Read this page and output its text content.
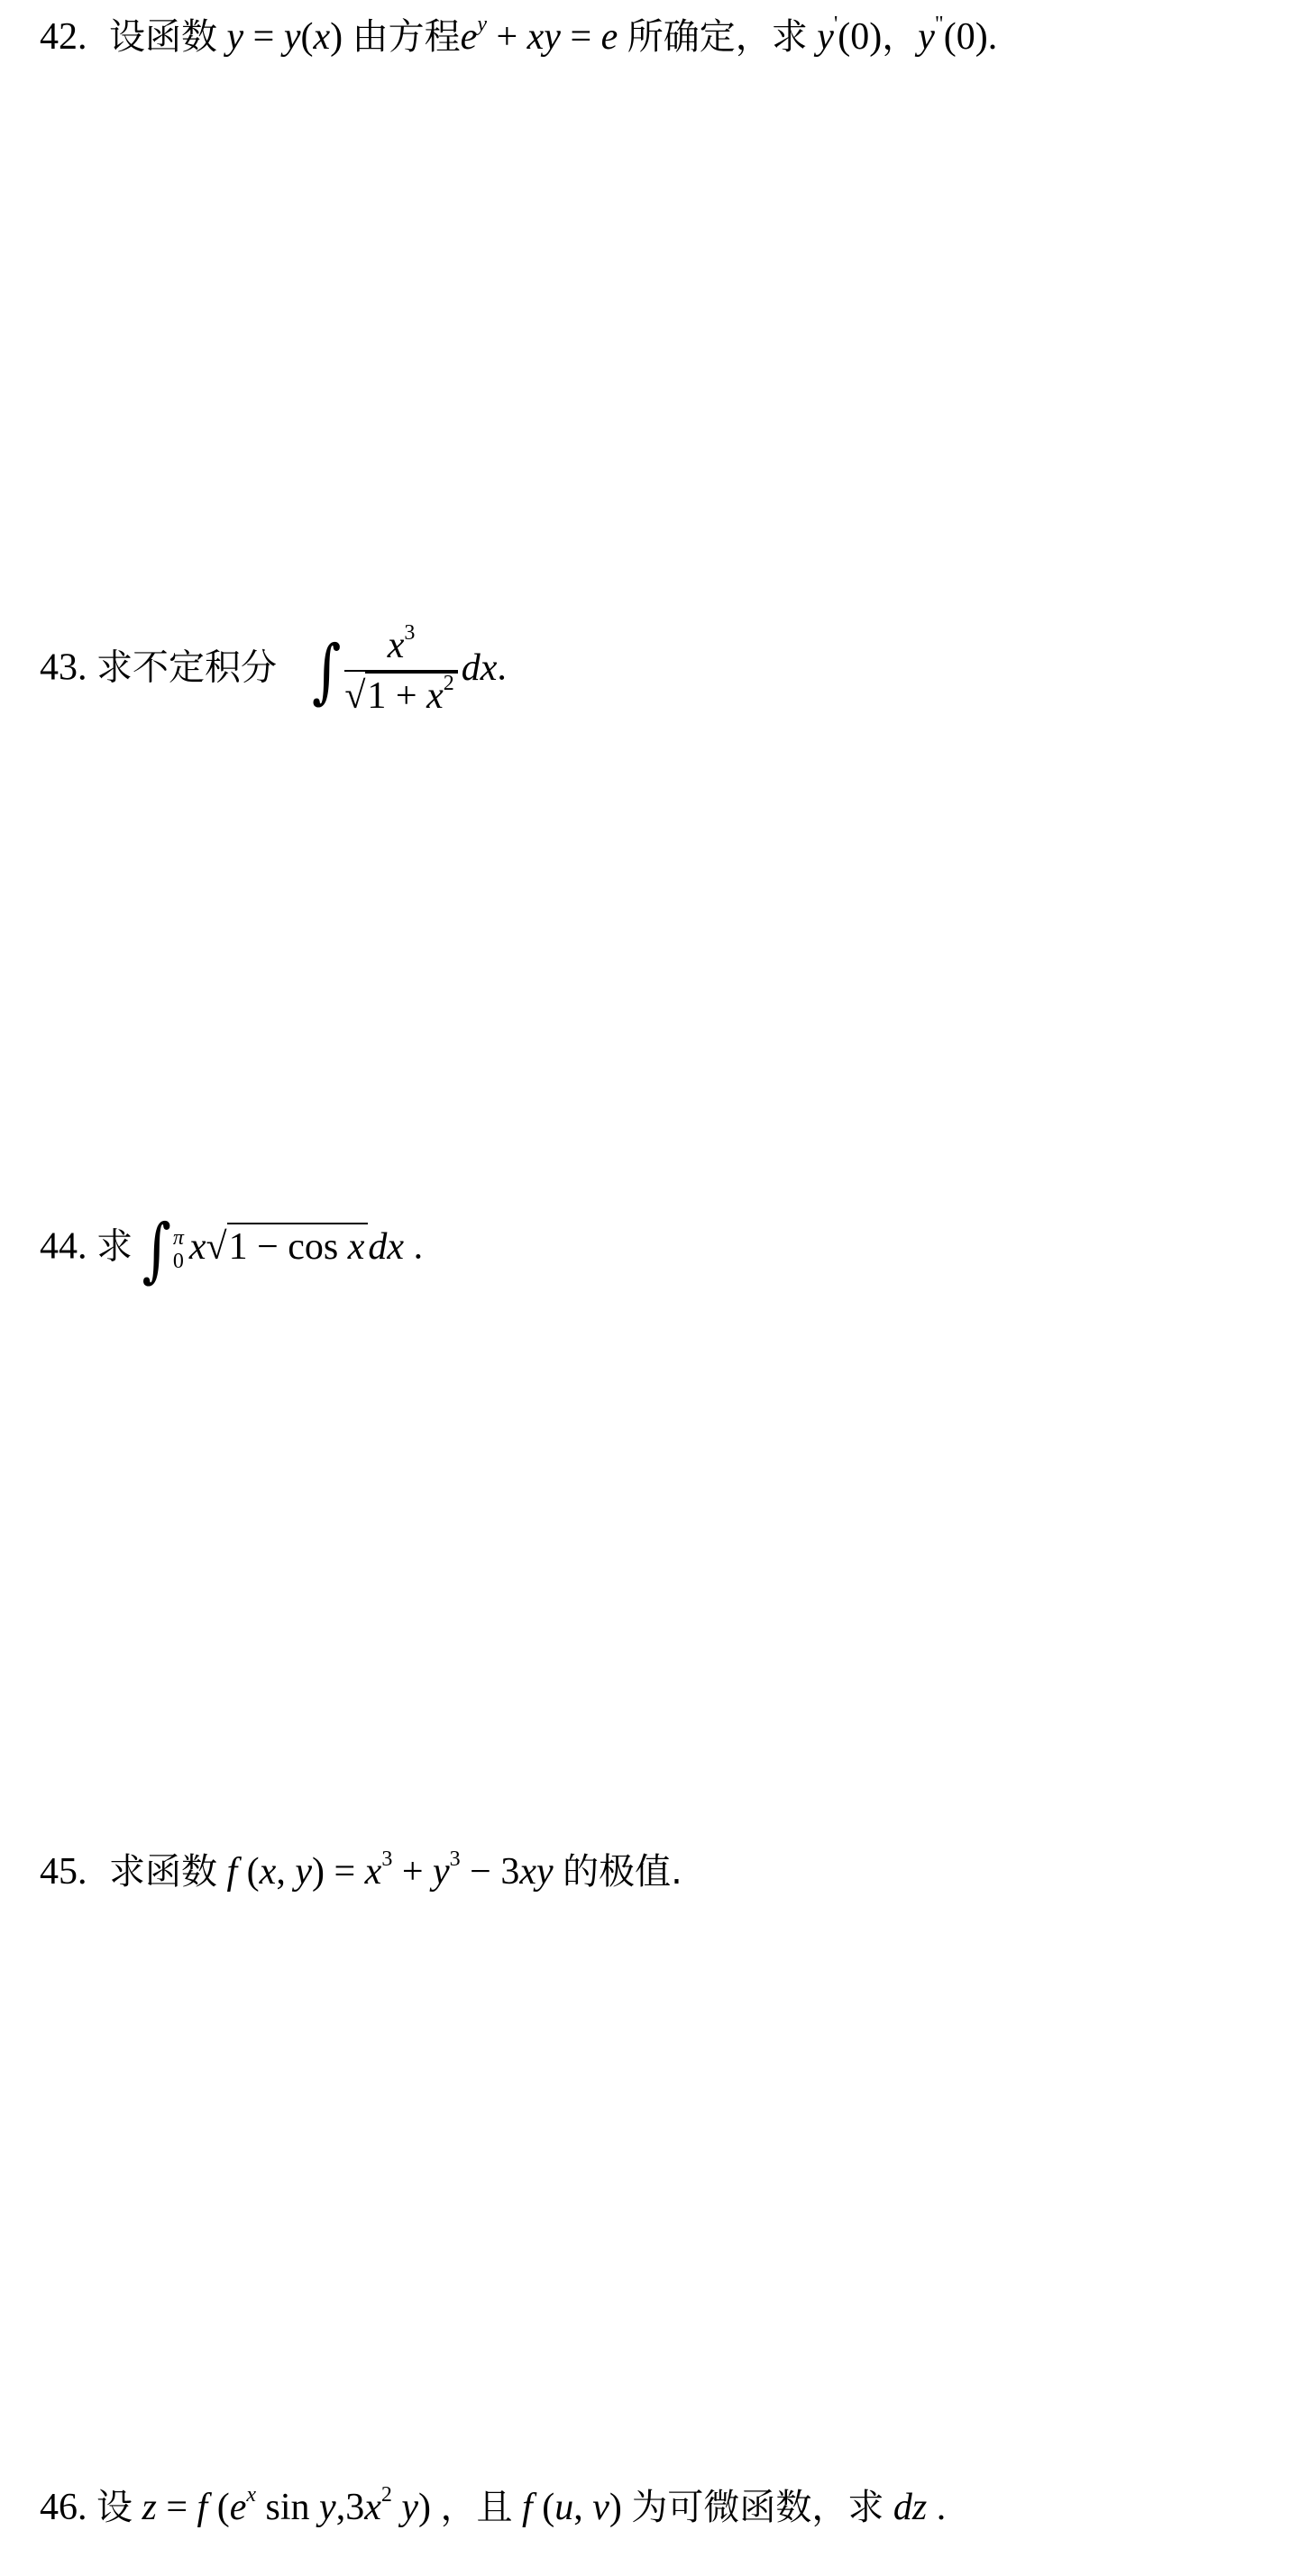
42. 设函数 y = y(x) 由方程$e^y$ + xy = e 所确定，求 y'(0)，y"(0).
43. 求不定积分 ∫ $\frac{x^3}{√1 + x^2}$ dx.
44. 求 ∫ π
0 x√1 − cos xdx .
45. 求函数 f (x, $y) = x^3 + y^3 - 3xy$ 的极值.
46. 设 z = f ($e^x$ $\sin y,3x^2$ y) ，且 f (u, v) 为可微函数，求 dz .
